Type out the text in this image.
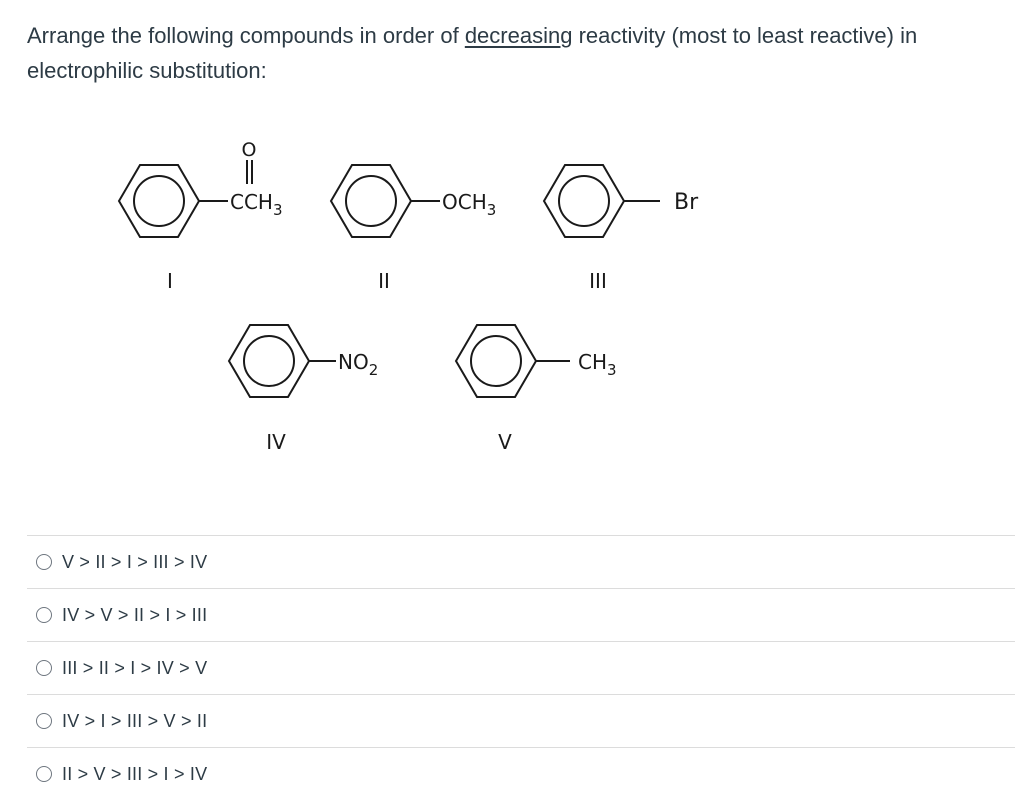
Arrange the following compounds in order of decreasing reactivity (most to least reactive) in electrophilic substitution:
O
$CCH_3$
I
$OCH_3$
II
Br
III
$NO_2$
IV
$CH_3$
V
V > II > I > III > IV
IV > V > II > I > III
III > II > I > IV > V
IV > I > III > V > II
II > V > III > I > IV
